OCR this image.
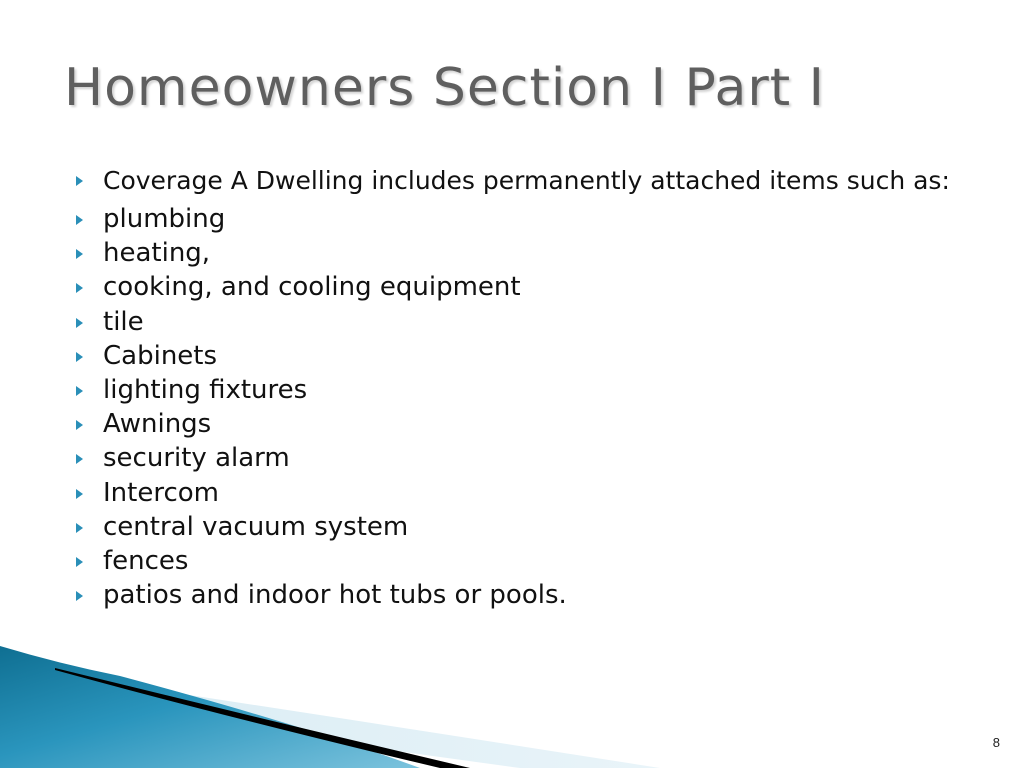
Homeowners Section I Part I
Coverage A Dwelling includes permanently attached items such as:
plumbing
heating,
cooking, and cooling equipment
tile
Cabinets
lighting fixtures
Awnings
security alarm
Intercom
central vacuum system
fences
patios and indoor hot tubs or pools.
8
